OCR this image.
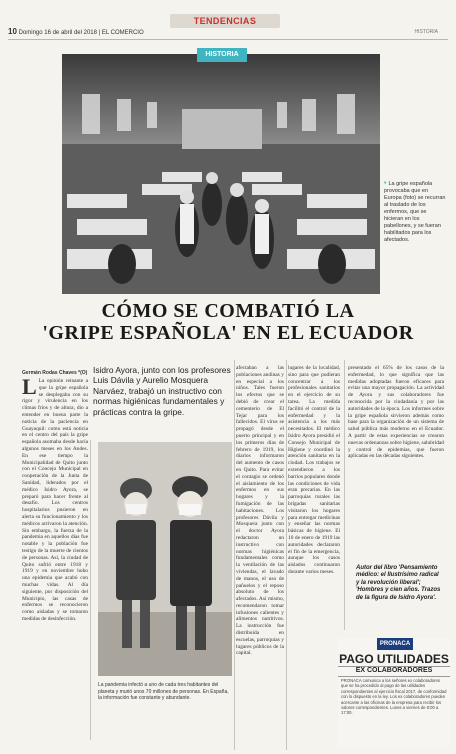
TENDENCIAS
10 Domingo 16 de abril del 2018 | EL COMERCIO	HISTORIA
HISTORIA
• La gripe española provocaba que en Europa (foto) se recurran al traslado de los enfermos, que se hicieran en los pabellones, y se fueran habilitados para los afectados.
CÓMO SE COMBATIÓ LA
'GRIPE ESPAÑOLA' EN EL ECUADOR
Germán Rodas Chaves *(O)
L La opinión reinante a que la gripe española se desplegaba con su rigor y virulencia en los climas fríos y de altura, dio a entender en buena parte la noticia de la paciencia en Guayaquil: como está noticia en el centro del país la gripe española asomaba desde hacía algunos meses en los Andes. En ese tiempo la Municipalidad de Quito junto con el Concejo Municipal en cooperación de la Junta de Sanidad, liderados por el médico Isidro Ayora, se preparó para hacer frente al desafío. Los centros hospitalarios pusieron en alerta su funcionamiento y los médicos activaron la atención. Sin embargo, la fuerza de la pandemia en aquellos días fue notable y la población fue testigo de la muerte de cientos de personas. Así, la ciudad de Quito sufrió entre 1918 y 1919 y en noviembre hubo una epidemia que acabó con muchas vidas. Al día siguiente, por disposición del Municipio, las casas de enfermos se reconocieron como aisladas y se tomaron medidas de desinfección.
Isidro Ayora, junto con los profesores Luis Dávila y Aurelio Mosquera Narváez, trabajó un instructivo con normas higiénicas fundamentales y prácticas contra la gripe.
La pandemia infectó a uno de cada tres habitantes del planeta y murió unos 70 millones de personas. En España, la información fue constante y abundante.
afectaban a las poblaciones andinas y en especial a los niños. Tales fueron los efectos que se debió de crear el cementerio de El Tejar para los fallecidos. El virus se propagó desde el puerto principal y en los primeros días de febrero de 1919, los diarios informaron del aumento de casos en Quito. Para evitar el contagio se ordenó el aislamiento de los enfermos en sus hogares y la fumigación de las habitaciones. Los profesores Dávila y Mosquera junto con el doctor Ayora redactaron un instructivo con normas higiénicas fundamentales como la ventilación de las viviendas, el lavado de manos, el uso de pañuelos y el reposo absoluto de los afectados. Así mismo, recomendaron tomar infusiones calientes y alimentos nutritivos. La instrucción fue distribuida en escuelas, parroquias y lugares públicos de la capital.
lugares de la localidad, sino para que pudieran concentrar a los profesionales sanitarios en el ejercicio de su tarea. La medida facilitó el control de la enfermedad y la asistencia a los más necesitados. El médico Isidro Ayora presidió el Consejo Municipal de Higiene y coordinó la atención sanitaria en la ciudad. Los trabajos se extendieron a los barrios populares donde las condiciones de vida eran precarias. En las parroquias rurales las brigadas sanitarias visitaron los hogares para entregar medicinas y enseñar las normas básicas de higiene. El 10 de enero de 1919 las autoridades declararon el fin de la emergencia, aunque los casos aislados continuaron durante varios meses.
presentado el 65% de los casos de la enfermedad, lo que significa que las medidas adoptadas fueron eficaces para evitar una mayor propagación. La actividad de Ayora y sus colaboradores fue reconocida por la ciudadanía y por las autoridades de la época. Los informes sobre la gripe española sirvieron además como base para la organización de un sistema de salud pública más moderno en el Ecuador. A partir de estas experiencias se crearon nuevas ordenanzas sobre higiene, salubridad y control de epidemias, que fueron aplicadas en las décadas siguientes.
Autor del libro 'Pensamiento médico: el Ilustrísimo radical y la revolución liberal'; 'Hombres y cien años. Trazos de la figura de Isidro Ayora'.
PRONACA
PAGO UTILIDADES
EX COLABORADORES
PRONACA comunica a los señores ex colaboradores que se ha procedido al pago de las utilidades correspondientes al ejercicio fiscal 2017, de conformidad con lo dispuesto en la ley. Los ex colaboradores pueden acercarse a las oficinas de la empresa para recibir los valores correspondientes. Lunes a viernes de 8:00 a 17:00.
